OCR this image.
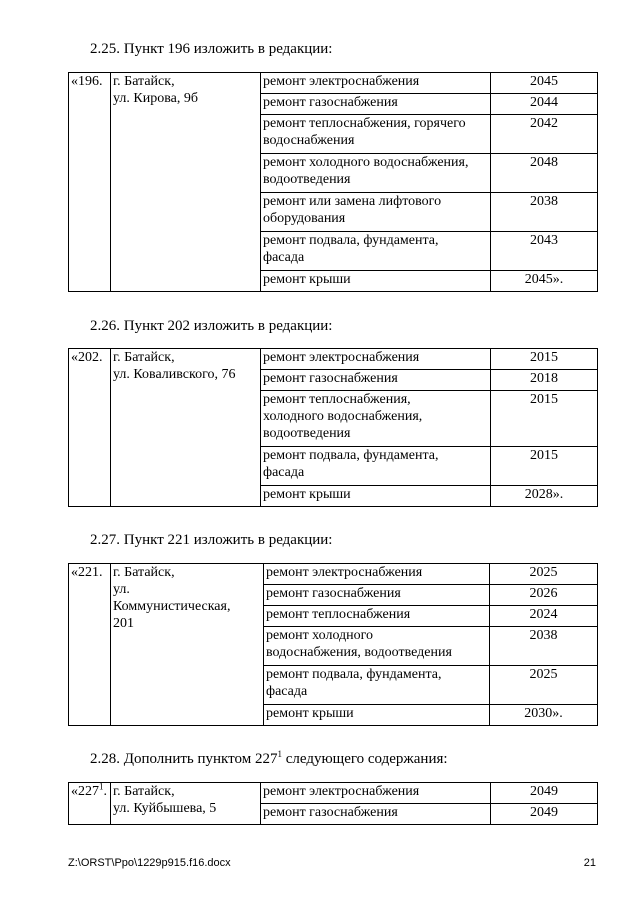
2.25. Пункт 196 изложить в редакции:
«196.	г. Батайск,
ул. Кирова, 9б	ремонт электроснабжения	2045

		ремонт газоснабжения	2044

		ремонт теплоснабжения, горячего
водоснабжения	2042

		ремонт холодного водоснабжения,
водоотведения	2048

		ремонт или замена лифтового
оборудования	2038

		ремонт подвала, фундамента,
фасада	2043

		ремонт крыши	2045».
2.26. Пункт 202 изложить в редакции:
«202.	г. Батайск,
ул. Коваливского, 76	ремонт электроснабжения	2015

		ремонт газоснабжения	2018

		ремонт теплоснабжения,
холодного водоснабжения,
водоотведения	2015

		ремонт подвала, фундамента,
фасада	2015

		ремонт крыши	2028».
2.27. Пункт 221 изложить в редакции:
«221.	г. Батайск,
ул.
Коммунистическая,
201	ремонт электроснабжения	2025

		ремонт газоснабжения	2026

		ремонт теплоснабжения	2024

		ремонт холодного
водоснабжения, водоотведения	2038

		ремонт подвала, фундамента,
фасада	2025

		ремонт крыши	2030».
2.28. Дополнить пунктом $227^1$ следующего содержания:
«$227^1$.	г. Батайск,
ул. Куйбышева, 5	ремонт электроснабжения	2049

		ремонт газоснабжения	2049
Z:\ORST\Ppo\1229p915.f16.docx	21
